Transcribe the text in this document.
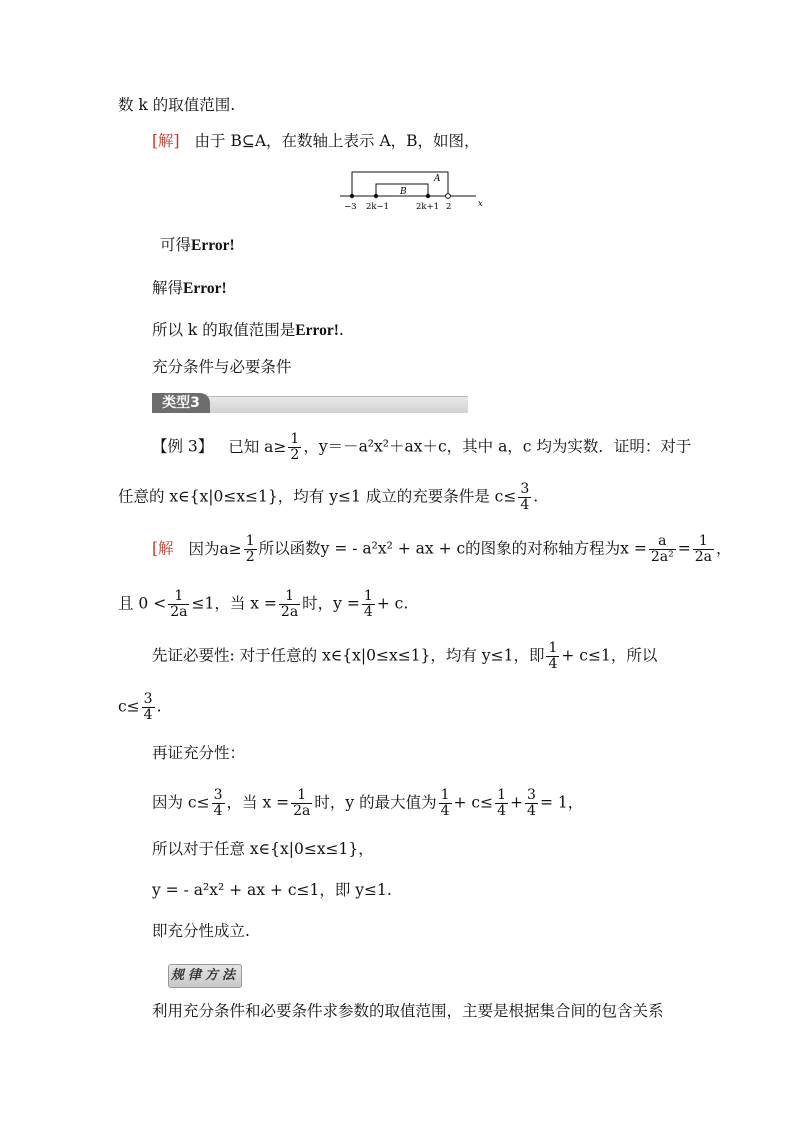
数 k 的取值范围.
[解] 由于 B⊆A，在数轴上表示 A，B，如图，
A
B
−3 2k−1	2k+1 2	x
可得Error!
解得Error!
所以 k 的取值范围是Error!.
充分条件与必要条件
类型3
【例 3】 已知 $a\ge \frac{1}{2}$ ，y＝－a²x²＋ax＋c，其中 a，c 均为实数．证明：对于
任意的 x∈{x|0≤x≤1}，均有 y≤1 成立的充要条件是 $c\le \frac{3}{4}$ .
[解 因为$a\ge \frac{1}{2}$ 所以函数y = - a²x² + ax + c的图象的对称轴方程为$x = \frac{a}{\text{2a²}} = \frac{1}{2a}$ ，
且 $0 < \frac{1}{2a} \le 1$，当 $x = \frac{1}{2a}$ 时，$y = \frac{1}{4} + c$.
先证必要性: 对于任意的 x∈{x|0≤x≤1}，均有 y≤1，即 $\frac{1}{4} + c\le 1$，所以
$c\le \frac{3}{4}$ .
再证充分性：
因为 $c\le \frac{3}{4}$ ，当 $x = \frac{1}{2a}$ 时，y 的最大值为 $\frac{1}{4} + c\le \frac{1}{4} + \frac{3}{4} = 1$，
所以对于任意 x∈{x|0≤x≤1}，
y = - a²x² + ax + c≤1，即 y≤1.
即充分性成立.
规律方法
利用充分条件和必要条件求参数的取值范围，主要是根据集合间的包含关系
